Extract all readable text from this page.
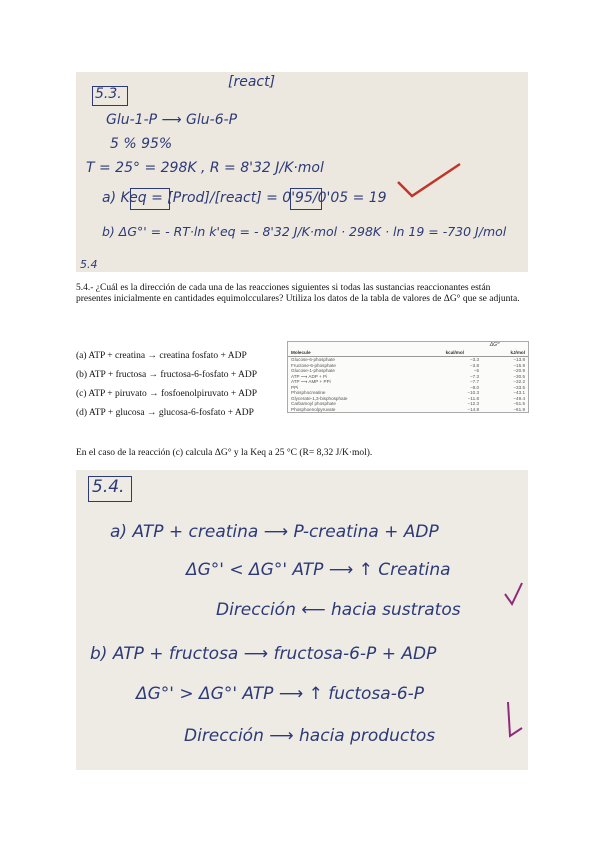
[react]
5.3.
Glu-1-P ⟶ Glu-6-P
5 % 95%
T = 25° = 298K , R = 8'32 J/K·mol
a) Keq = [Prod]/[react] = 0'95/0'05 = 19
b) ΔG°' = - RT·ln k'eq = - 8'32 J/K·mol · 298K · ln 19 = -730 J/mol
5.4
5.4.- ¿Cuál es la dirección de cada una de las reacciones siguientes si todas las sustancias reaccionantes están presentes inicialmente en cantidades equimolcculares? Utiliza los datos de la tabla de valores de ΔG° que se adjunta.
(a) ATP + creatina → creatina fosfato + ADP
(b) ATP + fructosa → fructosa-6-fosfato + ADP
(c) ATP + piruvato → fosfoenolpiruvato + ADP
(d) ATP + glucosa → glucosa-6-fosfato + ADP
ΔG°'
Molecule	kcal/mol	kJ/mol
Glucose-6-phosphate	−3.3	−13.8
Fructose-6-phosphate	−3.8	−15.9
Glucose-1-phosphate	−5	−20.9
ATP ⟶ ADP + Pi	−7.3	−30.5
ATP ⟶ AMP + PPi	−7.7	−32.2
PPi	−8.0	−33.5
Phosphocreatine	−10.3	−43.1
Glycerate-1,3-bisphosphate	−11.8	−49.4
Carbamoyl phosphate	−12.3	−51.5
Phosphoenolpyruvate	−14.8	−61.9
En el caso de la reacción (c) calcula ΔG° y la Keq a 25 °C (R= 8,32 J/K·mol).
5.4.
a) ATP + creatina ⟶ P-creatina + ADP
ΔG°' < ΔG°' ATP ⟶ ↑ Creatina
Dirección ⟵ hacia sustratos
b) ATP + fructosa ⟶ fructosa-6-P + ADP
ΔG°' > ΔG°' ATP ⟶ ↑ fuctosa-6-P
Dirección ⟶ hacia productos
